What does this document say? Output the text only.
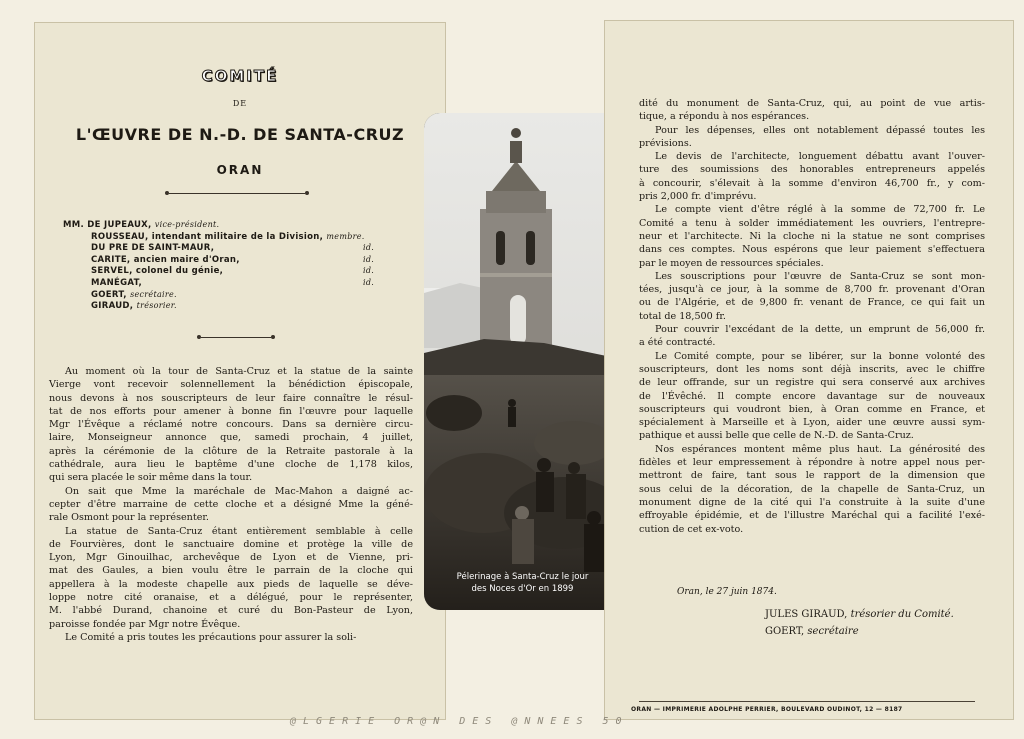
COMITÉ
DE
L'ŒUVRE DE N.-D. DE SANTA-CRUZ
ORAN
MM. DE JUPEAUX, vice-président.
ROUSSEAU, intendant militaire de la Division, membre.
DU PRE DE SAINT-MAUR,	id.
CARITE, ancien maire d'Oran,	id.
SERVEL, colonel du génie,	id.
MANÉGAT,	id.
GOERT, secrétaire.
GIRAUD, trésorier.

Au moment où la tour de Santa-Cruz et la statue de la sainte
Vierge vont recevoir solennellement la bénédiction épiscopale,
nous devons à nos souscripteurs de leur faire connaître le résul-
tat de nos efforts pour amener à bonne fin l'œuvre pour laquelle
Mgr l'Évêque a réclamé notre concours. Dans sa dernière circu-
laire, Monseigneur annonce que, samedi prochain, 4 juillet,
après la cérémonie de la clôture de la Retraite pastorale à la
cathédrale, aura lieu le baptême d'une cloche de 1,178 kilos,
qui sera placée le soir même dans la tour.

On sait que Mme la maréchale de Mac-Mahon a daigné ac-
cepter d'être marraine de cette cloche et a désigné Mme la géné-
rale Osmont pour la représenter.

La statue de Santa-Cruz étant entièrement semblable à celle
de Fourvières, dont le sanctuaire domine et protège la ville de
Lyon, Mgr Ginouilhac, archevêque de Lyon et de Vienne, pri-
mat des Gaules, a bien voulu être le parrain de la cloche qui
appellera à la modeste chapelle aux pieds de laquelle se déve-
loppe notre cité oranaise, et a délégué, pour le représenter,
M. l'abbé Durand, chanoine et curé du Bon-Pasteur de Lyon,
paroisse fondée par Mgr notre Évêque.

Le Comité a pris toutes les précautions pour assurer la soli-

Pélerinage à Santa-Cruz le jour
des Noces d'Or en 1899

dité du monument de Santa-Cruz, qui, au point de vue artis-
tique, a répondu à nos espérances.

Pour les dépenses, elles ont notablement dépassé toutes les
prévisions.

Le devis de l'architecte, longuement débattu avant l'ouver-
ture des soumissions des honorables entrepreneurs appelés
à concourir, s'élevait à la somme d'environ 46,700 fr., y com-
pris 2,000 fr. d'imprévu.

Le compte vient d'être réglé à la somme de 72,700 fr. Le
Comité a tenu à solder immédiatement les ouvriers, l'entrepre-
neur et l'architecte. Ni la cloche ni la statue ne sont comprises
dans ces comptes. Nous espérons que leur paiement s'effectuera
par le moyen de ressources spéciales.

Les souscriptions pour l'œuvre de Santa-Cruz se sont mon-
tées, jusqu'à ce jour, à la somme de 8,700 fr. provenant d'Oran
ou de l'Algérie, et de 9,800 fr. venant de France, ce qui fait un
total de 18,500 fr.

Pour couvrir l'excédant de la dette, un emprunt de 56,000 fr.
a été contracté.

Le Comité compte, pour se libérer, sur la bonne volonté des
souscripteurs, dont les noms sont déjà inscrits, avec le chiffre
de leur offrande, sur un registre qui sera conservé aux archives
de l'Évêché. Il compte encore davantage sur de nouveaux
souscripteurs qui voudront bien, à Oran comme en France, et
spécialement à Marseille et à Lyon, aider une œuvre aussi sym-
pathique et aussi belle que celle de N.-D. de Santa-Cruz.

Nos espérances montent même plus haut. La générosité des
fidèles et leur empressement à répondre à notre appel nous per-
mettront de faire, tant sous le rapport de la dimension que
sous celui de la décoration, de la chapelle de Santa-Cruz, un
monument digne de la cité qui l'a construite à la suite d'une
effroyable épidémie, et de l'illustre Maréchal qui a facilité l'exé-
cution de cet ex-voto.

Oran, le 27 juin 1874.
JULES GIRAUD, trésorier du Comité.
GOERT, secrétaire
ORAN — IMPRIMERIE ADOLPHE PERRIER, BOULEVARD OUDINOT, 12 — 8187
@LGERIE OR@N DES @NNEES 50
